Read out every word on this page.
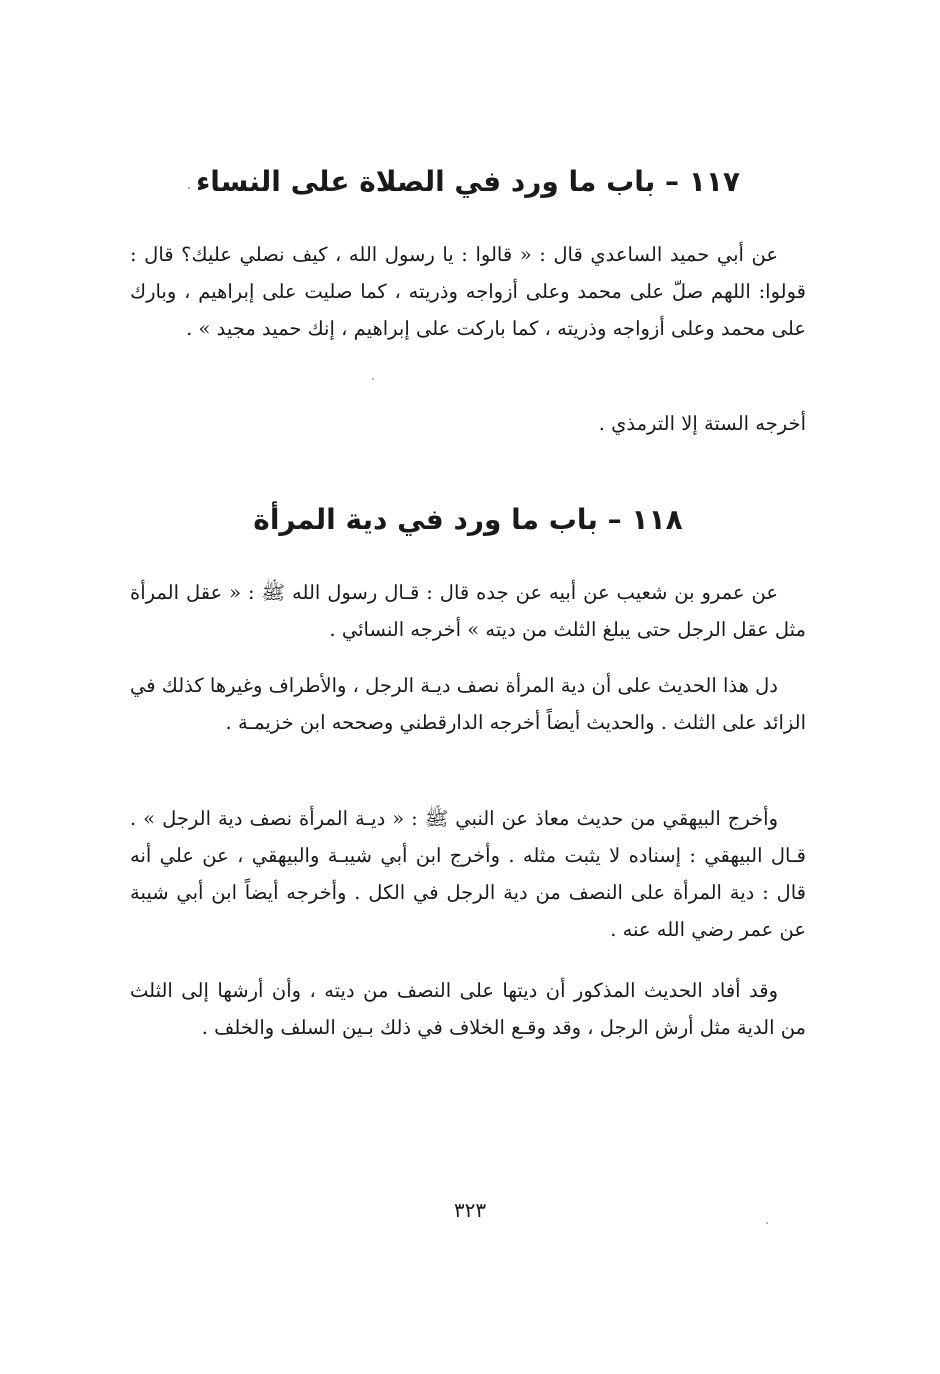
١١٧ – باب ما ورد في الصلاة على النساء

عن أبي حميد الساعدي قال : « قالوا : يا رسول الله ، كيف نصلي عليك؟ قال : قولوا: اللهم صلّ على محمد وعلى أزواجه وذريته ، كما صليت على إبراهيم ، وبارك على محمد وعلى أزواجه وذريته ، كما باركت على إبراهيم ، إنك حميد مجيد » .

أخرجه الستة إلا الترمذي .

١١٨ – باب ما ورد في دية المرأة

عن عمرو بن شعيب عن أبيه عن جده قال : قـال رسول الله ﷺ : « عقل المرأة مثل عقل الرجل حتى يبلغ الثلث من ديته » أخرجه النسائي .

دل هذا الحديث على أن دية المرأة نصف ديـة الرجل ، والأطراف وغيرها كذلك في الزائد على الثلث . والحديث أيضاً أخرجه الدارقطني وصححه ابن خزيمـة .

وأخرج البيهقي من حديث معاذ عن النبي ﷺ : « ديـة المرأة نصف دية الرجل » . قـال البيهقي : إسناده لا يثبت مثله . وأخرج ابن أبي شيبـة والبيهقي ، عن علي أنه قال : دية المرأة على النصف من دية الرجل في الكل . وأخرجه أيضاً ابن أبي شيبة عن عمر رضي الله عنه .

وقد أفاد الحديث المذكور أن ديتها على النصف من ديته ، وأن أرشها إلى الثلث من الدية مثل أرش الرجل ، وقد وقـع الخلاف في ذلك بـين السلف والخلف .

٣٢٣
